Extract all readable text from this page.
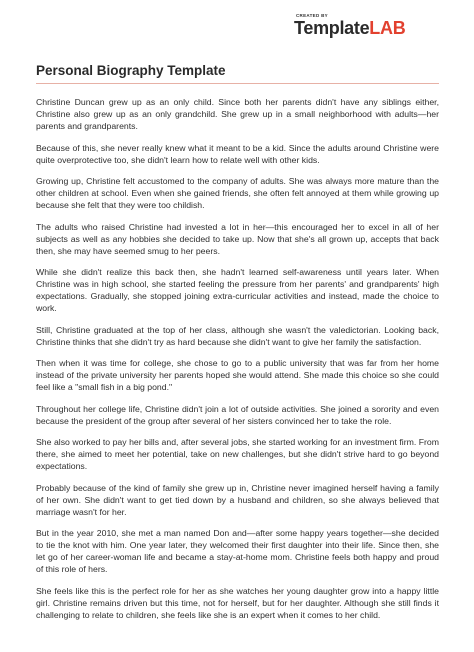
CREATED BY
TemplateLAB
Personal Biography Template

Christine Duncan grew up as an only child. Since both her parents didn't have any siblings either, Christine also grew up as an only grandchild. She grew up in a small neighborhood with adults—her parents and grandparents.

Because of this, she never really knew what it meant to be a kid. Since the adults around Christine were quite overprotective too, she didn't learn how to relate well with other kids.

Growing up, Christine felt accustomed to the company of adults. She was always more mature than the other children at school. Even when she gained friends, she often felt annoyed at them while growing up because she felt that they were too childish.

The adults who raised Christine had invested a lot in her—this encouraged her to excel in all of her subjects as well as any hobbies she decided to take up. Now that she's all grown up, accepts that back then, she may have seemed smug to her peers.

While she didn't realize this back then, she hadn't learned self-awareness until years later. When Christine was in high school, she started feeling the pressure from her parents' and grandparents' high expectations. Gradually, she stopped joining extra-curricular activities and instead, made the choice to work.

Still, Christine graduated at the top of her class, although she wasn't the valedictorian. Looking back, Christine thinks that she didn't try as hard because she didn't want to give her family the satisfaction.

Then when it was time for college, she chose to go to a public university that was far from her home instead of the private university her parents hoped she would attend. She made this choice so she could feel like a "small fish in a big pond."

Throughout her college life, Christine didn't join a lot of outside activities. She joined a sorority and even because the president of the group after several of her sisters convinced her to take the role.

She also worked to pay her bills and, after several jobs, she started working for an investment firm. From there, she aimed to meet her potential, take on new challenges, but she didn't strive hard to go beyond expectations.

Probably because of the kind of family she grew up in, Christine never imagined herself having a family of her own. She didn't want to get tied down by a husband and children, so she always believed that marriage wasn't for her.

But in the year 2010, she met a man named Don and—after some happy years together—she decided to tie the knot with him. One year later, they welcomed their first daughter into their life. Since then, she let go of her career-woman life and became a stay-at-home mom. Christine feels both happy and proud of this role of hers.

She feels like this is the perfect role for her as she watches her young daughter grow into a happy little girl. Christine remains driven but this time, not for herself, but for her daughter. Although she still finds it challenging to relate to children, she feels like she is an expert when it comes to her child.
